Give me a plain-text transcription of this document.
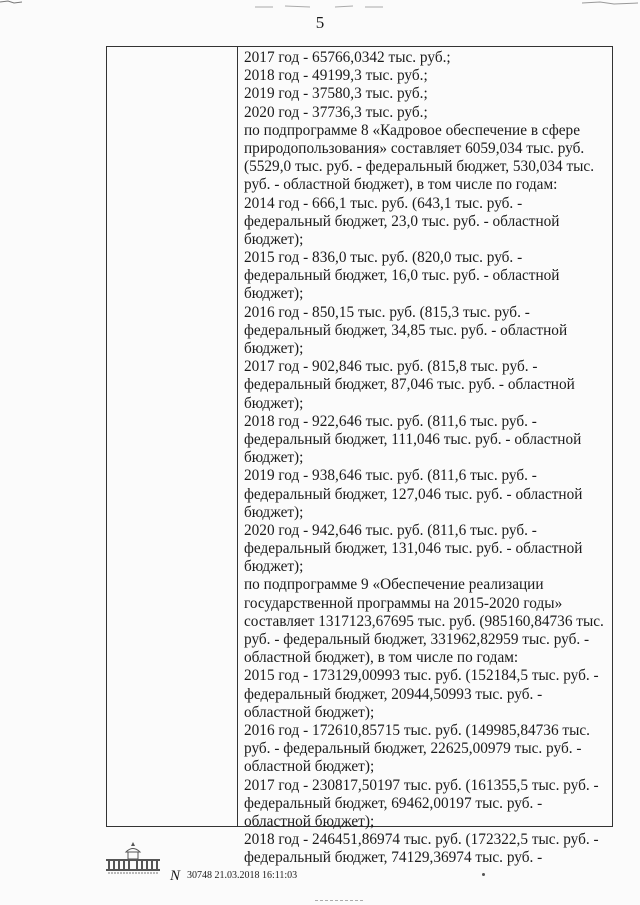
5
2017 год - 65766,0342 тыс. руб.;
2018 год - 49199,3 тыс. руб.;
2019 год - 37580,3 тыс. руб.;
2020 год - 37736,3 тыс. руб.;
по подпрограмме 8 «Кадровое обеспечение в сфере
природопользования» составляет 6059,034 тыс. руб.
(5529,0 тыс. руб. - федеральный бюджет, 530,034 тыс.
руб. - областной бюджет), в том числе по годам:
2014 год - 666,1 тыс. руб. (643,1 тыс. руб. -
федеральный бюджет, 23,0 тыс. руб. - областной
бюджет);
2015 год - 836,0 тыс. руб. (820,0 тыс. руб. -
федеральный бюджет, 16,0 тыс. руб. - областной
бюджет);
2016 год - 850,15 тыс. руб. (815,3 тыс. руб. -
федеральный бюджет, 34,85 тыс. руб. - областной
бюджет);
2017 год - 902,846 тыс. руб. (815,8 тыс. руб. -
федеральный бюджет, 87,046 тыс. руб. - областной
бюджет);
2018 год - 922,646 тыс. руб. (811,6 тыс. руб. -
федеральный бюджет, 111,046 тыс. руб. - областной
бюджет);
2019 год - 938,646 тыс. руб. (811,6 тыс. руб. -
федеральный бюджет, 127,046 тыс. руб. - областной
бюджет);
2020 год - 942,646 тыс. руб. (811,6 тыс. руб. -
федеральный бюджет, 131,046 тыс. руб. - областной
бюджет);
по подпрограмме 9 «Обеспечение реализации
государственной программы на 2015-2020 годы»
составляет 1317123,67695 тыс. руб. (985160,84736 тыс.
руб. - федеральный бюджет, 331962,82959 тыс. руб. -
областной бюджет), в том числе по годам:
2015 год - 173129,00993 тыс. руб. (152184,5 тыс. руб. -
федеральный бюджет, 20944,50993 тыс. руб. -
областной бюджет);
2016 год - 172610,85715 тыс. руб. (149985,84736 тыс.
руб. - федеральный бюджет, 22625,00979 тыс. руб. -
областной бюджет);
2017 год - 230817,50197 тыс. руб. (161355,5 тыс. руб. -
федеральный бюджет, 69462,00197 тыс. руб. -
областной бюджет);
2018 год - 246451,86974 тыс. руб. (172322,5 тыс. руб. -
федеральный бюджет, 74129,36974 тыс. руб. -
N 30748 21.03.2018 16:11:03
